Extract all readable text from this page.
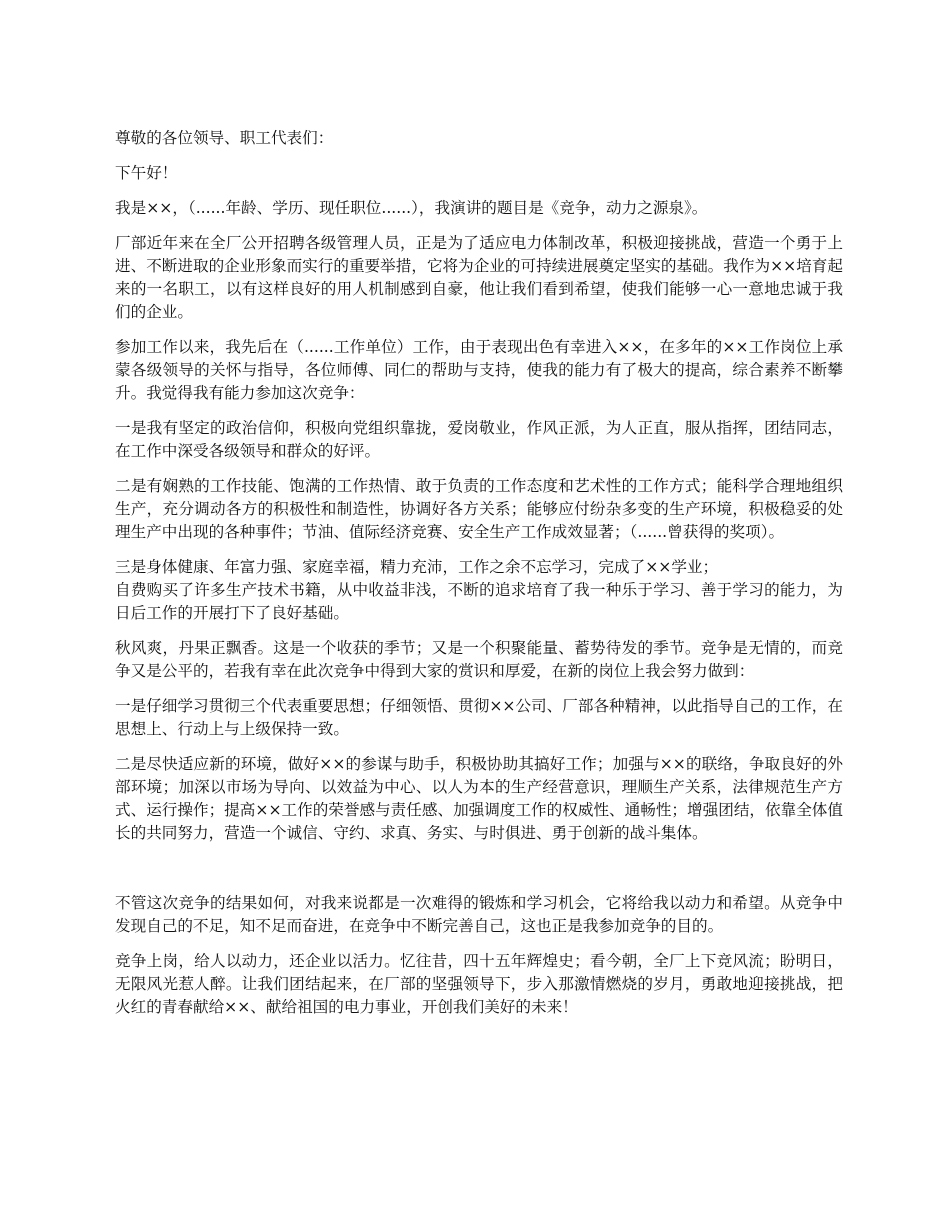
尊敬的各位领导、职工代表们：

下午好！

我是××，（......年龄、学历、现任职位......），我演讲的题目是《竞争，动力之源泉》。

厂部近年来在全厂公开招聘各级管理人员，正是为了适应电力体制改革，积极迎接挑战，营造一个勇于上进、不断进取的企业形象而实行的重要举措，它将为企业的可持续进展奠定坚实的基础。我作为××培育起来的一名职工，以有这样良好的用人机制感到自豪，他让我们看到希望，使我们能够一心一意地忠诚于我们的企业。

参加工作以来，我先后在（......工作单位）工作，由于表现出色有幸进入××，在多年的××工作岗位上承蒙各级领导的关怀与指导，各位师傅、同仁的帮助与支持，使我的能力有了极大的提高，综合素养不断攀升。我觉得我有能力参加这次竞争：

一是我有坚定的政治信仰，积极向党组织靠拢，爱岗敬业，作风正派，为人正直，服从指挥，团结同志，在工作中深受各级领导和群众的好评。

二是有娴熟的工作技能、饱满的工作热情、敢于负责的工作态度和艺术性的工作方式；能科学合理地组织生产，充分调动各方的积极性和制造性，协调好各方关系；能够应付纷杂多变的生产环境，积极稳妥的处理生产中出现的各种事件；节油、值际经济竞赛、安全生产工作成效显著；（......曾获得的奖项）。

三是身体健康、年富力强、家庭幸福，精力充沛，工作之余不忘学习，完成了××学业；
自费购买了许多生产技术书籍，从中收益非浅，不断的追求培育了我一种乐于学习、善于学习的能力，为日后工作的开展打下了良好基础。

秋风爽，丹果正飘香。这是一个收获的季节；又是一个积聚能量、蓄势待发的季节。竞争是无情的，而竞争又是公平的，若我有幸在此次竞争中得到大家的赏识和厚爱，在新的岗位上我会努力做到：

一是仔细学习贯彻三个代表重要思想；仔细领悟、贯彻××公司、厂部各种精神，以此指导自己的工作，在思想上、行动上与上级保持一致。

二是尽快适应新的环境，做好××的参谋与助手，积极协助其搞好工作；加强与××的联络，争取良好的外部环境；加深以市场为导向、以效益为中心、以人为本的生产经营意识，理顺生产关系，法律规范生产方式、运行操作；提高××工作的荣誉感与责任感、加强调度工作的权威性、通畅性；增强团结，依靠全体值长的共同努力，营造一个诚信、守约、求真、务实、与时俱进、勇于创新的战斗集体。

不管这次竞争的结果如何，对我来说都是一次难得的锻炼和学习机会，它将给我以动力和希望。从竞争中发现自己的不足，知不足而奋进，在竞争中不断完善自己，这也正是我参加竞争的目的。

竞争上岗，给人以动力，还企业以活力。忆往昔，四十五年辉煌史；看今朝，全厂上下竞风流；盼明日，无限风光惹人醉。让我们团结起来，在厂部的坚强领导下，步入那激情燃烧的岁月，勇敢地迎接挑战，把火红的青春献给××、献给祖国的电力事业，开创我们美好的未来！
